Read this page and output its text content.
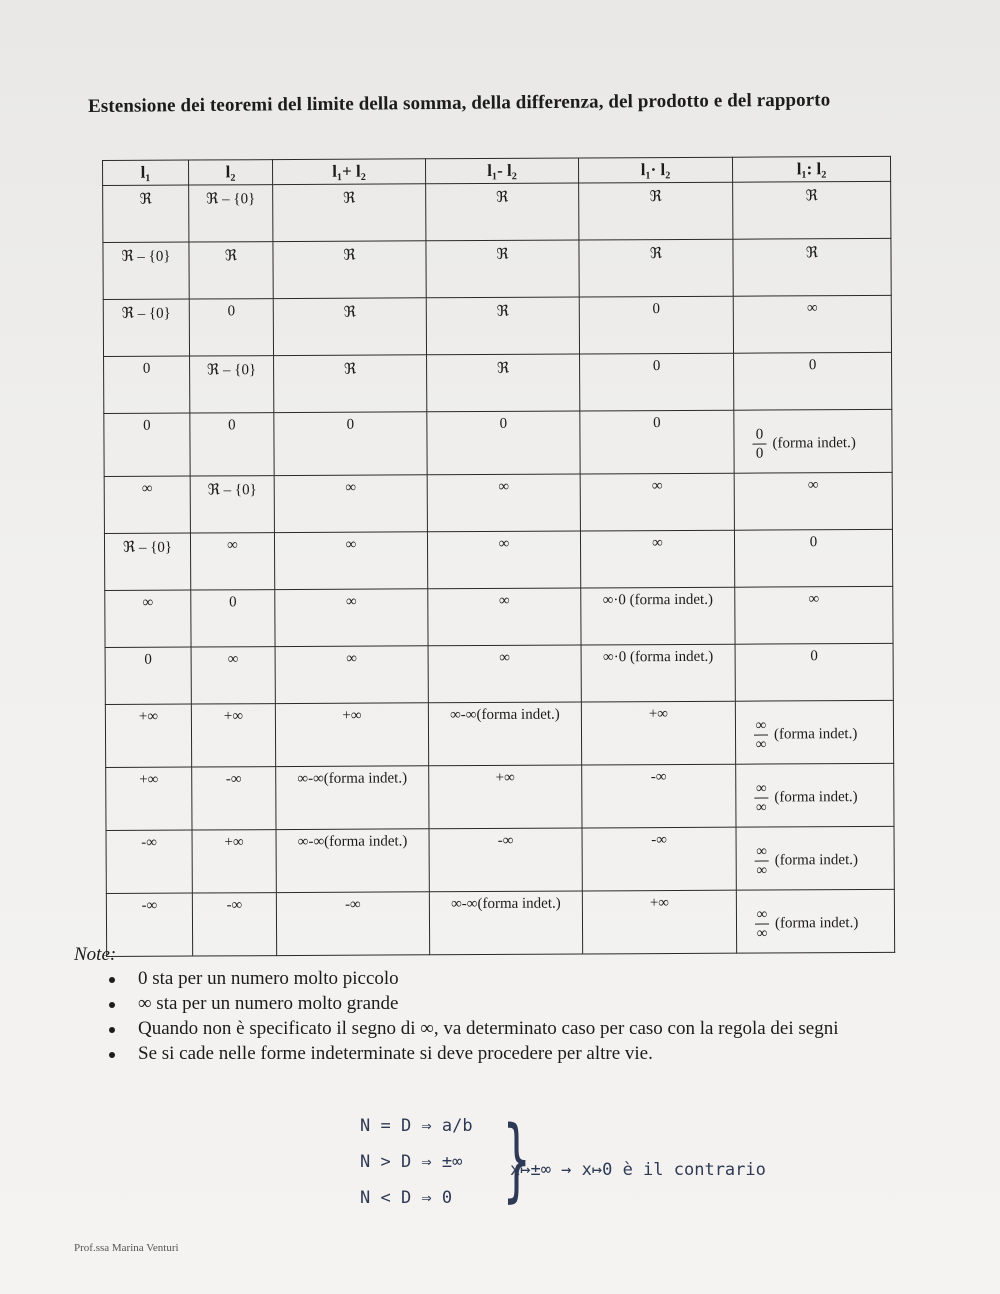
Estensione dei teoremi del limite della somma, della differenza, del prodotto e del rapporto
l₁	l₂	l₁+ l₂	l₁- l₂	l₁· l₂	l₁: l₂
ℜ	ℜ – {0}	ℜ	ℜ	ℜ	ℜ
ℜ – {0}	ℜ	ℜ	ℜ	ℜ	ℜ
ℜ – {0}	0	ℜ	ℜ	0	∞
0	ℜ – {0}	ℜ	ℜ	0	0
0	0	0	0	0	$\frac{0}{0}$ (forma indet.)
∞	ℜ – {0}	∞	∞	∞	∞
ℜ – {0}	∞	∞	∞	∞	0
∞	0	∞	∞	∞·0 (forma indet.)	∞
0	∞	∞	∞	∞·0 (forma indet.)	0
+∞	+∞	+∞	∞-∞(forma indet.)	+∞	$\frac{\infty}{\infty}$ (forma indet.)
+∞	-∞	∞-∞(forma indet.)	+∞	-∞	$\frac{\infty}{\infty}$ (forma indet.)
-∞	+∞	∞-∞(forma indet.)	-∞	-∞	$\frac{\infty}{\infty}$ (forma indet.)
-∞	-∞	-∞	∞-∞(forma indet.)	+∞	$\frac{\infty}{\infty}$ (forma indet.)
Note:
0 sta per un numero molto piccolo
∞ sta per un numero molto grande
Quando non è specificato il segno di ∞, va determinato caso per caso con la regola dei segni
Se si cade nelle forme indeterminate si deve procedere per altre vie.
N = D ⇒ a/b
N > D ⇒ ±∞
N < D ⇒ 0 }
x↦±∞ → x↦0 è il contrario
Prof.ssa Marina Venturi
